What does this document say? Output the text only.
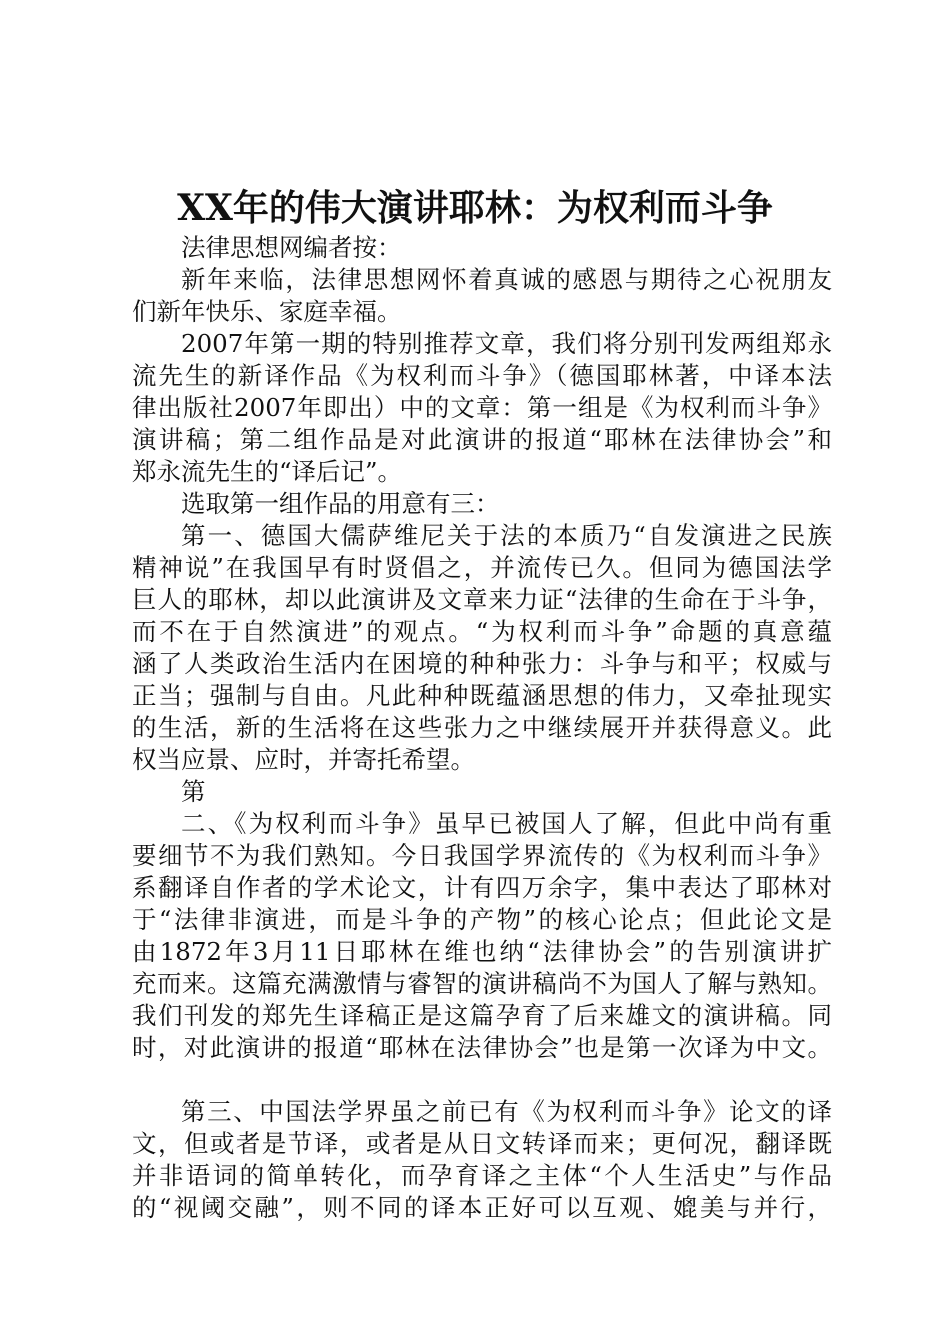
XX年的伟大演讲耶林：为权利而斗争
法律思想网编者按：
新年来临，法律思想网怀着真诚的感恩与期待之心祝朋友
们新年快乐、家庭幸福。
2007年第一期的特别推荐文章，我们将分别刊发两组郑永
流先生的新译作品《为权利而斗争》（德国耶林著，中译本法
律出版社2007年即出）中的文章：第一组是《为权利而斗争》
演讲稿；第二组作品是对此演讲的报道“耶林在法律协会”和
郑永流先生的“译后记”。
选取第一组作品的用意有三：
第一、德国大儒萨维尼关于法的本质乃“自发演进之民族
精神说”在我国早有时贤倡之，并流传已久。但同为德国法学
巨人的耶林，却以此演讲及文章来力证“法律的生命在于斗争，
而不在于自然演进”的观点。“为权利而斗争”命题的真意蕴
涵了人类政治生活内在困境的种种张力：斗争与和平；权威与
正当；强制与自由。凡此种种既蕴涵思想的伟力，又牵扯现实
的生活，新的生活将在这些张力之中继续展开并获得意义。此
权当应景、应时，并寄托希望。
第
二、《为权利而斗争》虽早已被国人了解，但此中尚有重
要细节不为我们熟知。今日我国学界流传的《为权利而斗争》
系翻译自作者的学术论文，计有四万余字，集中表达了耶林对
于“法律非演进，而是斗争的产物”的核心论点；但此论文是
由1872年3月11日耶林在维也纳“法律协会”的告别演讲扩
充而来。这篇充满激情与睿智的演讲稿尚不为国人了解与熟知。
我们刊发的郑先生译稿正是这篇孕育了后来雄文的演讲稿。同
时，对此演讲的报道“耶林在法律协会”也是第一次译为中文。
第三、中国法学界虽之前已有《为权利而斗争》论文的译
文，但或者是节译，或者是从日文转译而来；更何况，翻译既
并非语词的简单转化，而孕育译之主体“个人生活史”与作品
的“视阈交融”，则不同的译本正好可以互观、媲美与并行，
